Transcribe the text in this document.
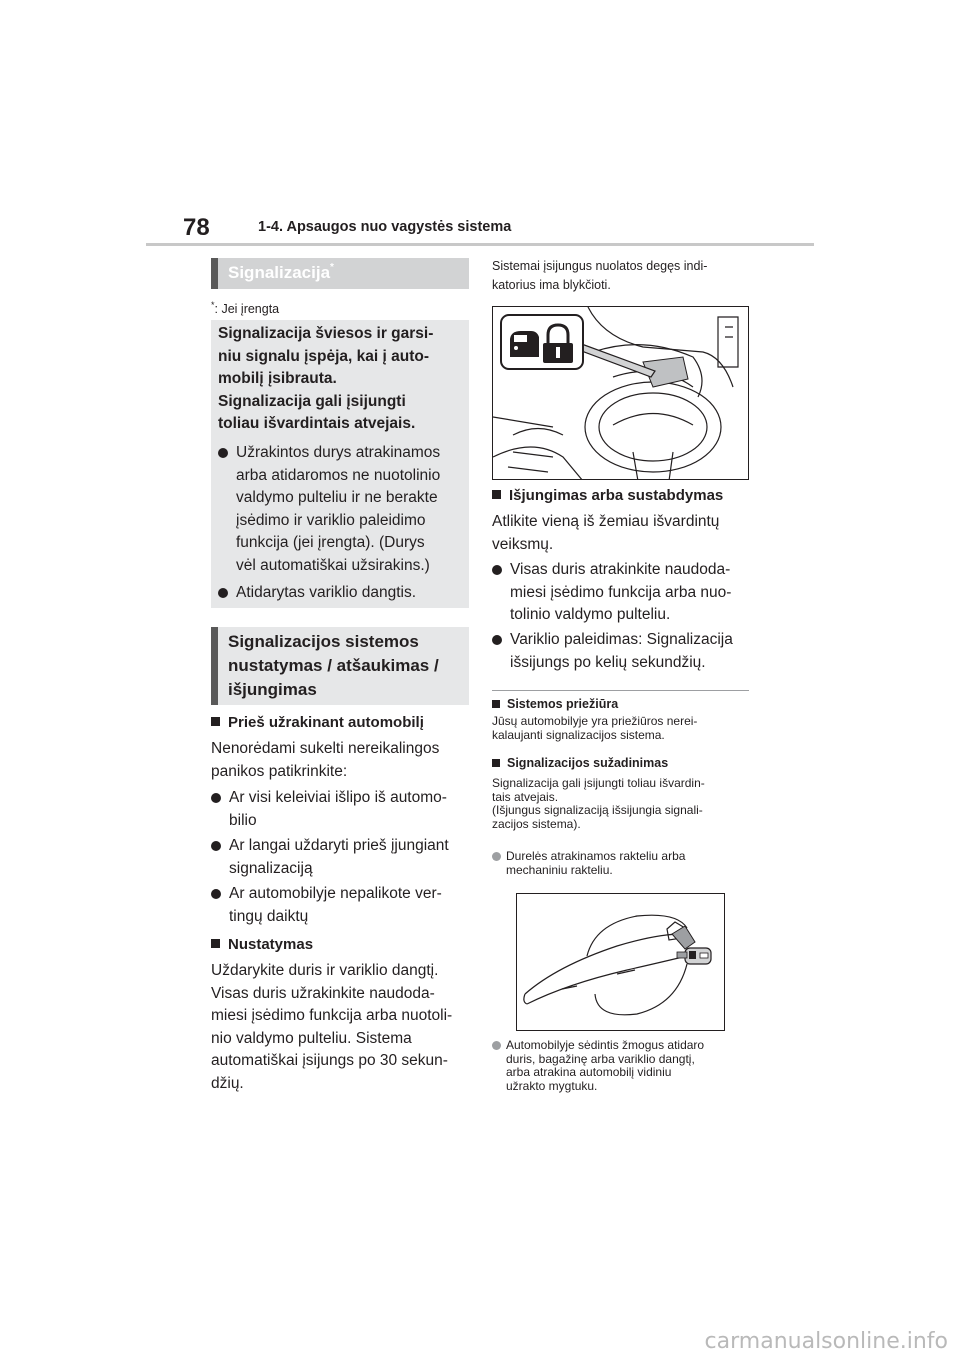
78	1-4. Apsaugos nuo vagystės sistema
Signalizacija*
*: Jei įrengta
Signalizacija šviesos ir garsi-
niu signalu įspėja, kai į auto-
mobilį įsibrauta.
Signalizacija gali įsijungti
toliau išvardintais atvejais.
Užrakintos durys atrakinamos
arba atidaromos ne nuotolinio
valdymo pulteliu ir ne berakte
įsėdimo ir variklio paleidimo
funkcija (jei įrengta). (Durys
vėl automatiškai užsirakins.)
Atidarytas variklio dangtis.
Signalizacijos sistemos
nustatymas / atšaukimas /
išjungimas
Prieš užrakinant automobilį
Nenorėdami sukelti nereikalingos
panikos patikrinkite:
Ar visi keleiviai išlipo iš automo-
bilio
Ar langai uždaryti prieš įjungiant
signalizaciją
Ar automobilyje nepalikote ver-
tingų daiktų
Nustatymas
Uždarykite duris ir variklio dangtį.
Visas duris užrakinkite naudoda-
miesi įsėdimo funkcija arba nuotoli-
nio valdymo pulteliu. Sistema
automatiškai įsijungs po 30 sekun-
džių.
Sistemai įsijungus nuolatos degęs indi-
katorius ima blykčioti.
Išjungimas arba sustabdymas
Atlikite vieną iš žemiau išvardintų
veiksmų.
Visas duris atrakinkite naudoda-
miesi įsėdimo funkcija arba nuo-
tolinio valdymo pulteliu.
Variklio paleidimas: Signalizacija
išsijungs po kelių sekundžių.
Sistemos priežiūra
Jūsų automobilyje yra priežiūros nerei-
kalaujanti signalizacijos sistema.
Signalizacijos sužadinimas
Signalizacija gali įsijungti toliau išvardin-
tais atvejais.
(Išjungus signalizaciją išsijungia signali-
zacijos sistema).
Durelės atrakinamos rakteliu arba
mechaniniu rakteliu.
Automobilyje sėdintis žmogus atidaro
duris, bagažinę arba variklio dangtį,
arba atrakina automobilį vidiniu
užrakto mygtuku.
carmanualsonline.info
